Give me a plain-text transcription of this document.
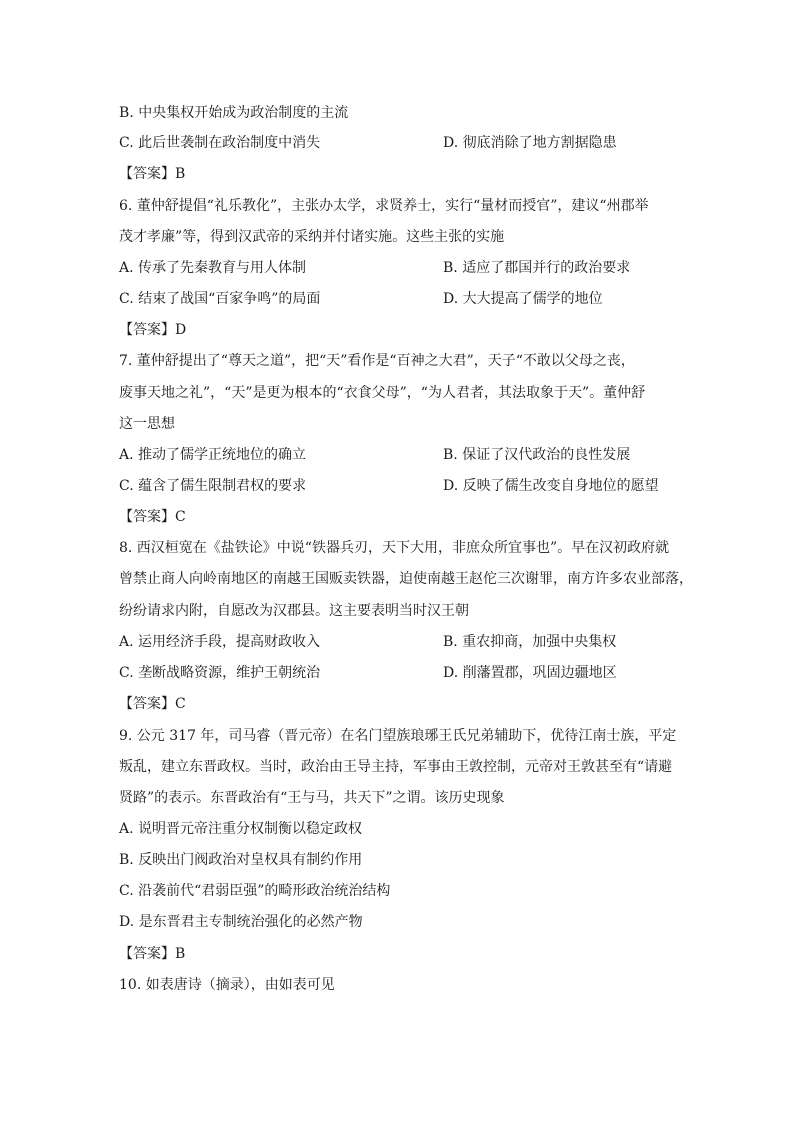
B. 中央集权开始成为政治制度的主流
C. 此后世袭制在政治制度中消失	D. 彻底消除了地方割据隐患
【答案】B
6. 董仲舒提倡“礼乐教化”，主张办太学，求贤养士，实行“量材而授官”，建议“州郡举
茂才孝廉”等，得到汉武帝的采纳并付诸实施。这些主张的实施
A. 传承了先秦教育与用人体制	B. 适应了郡国并行的政治要求
C. 结束了战国“百家争鸣”的局面	D. 大大提高了儒学的地位
【答案】D
7. 董仲舒提出了“尊天之道”，把“天”看作是“百神之大君”，天子“不敢以父母之丧，
废事天地之礼”，“天”是更为根本的“衣食父母”，“为人君者，其法取象于天”。董仲舒
这一思想
A. 推动了儒学正统地位的确立	B. 保证了汉代政治的良性发展
C. 蕴含了儒生限制君权的要求	D. 反映了儒生改变自身地位的愿望
【答案】C
8. 西汉桓宽在《盐铁论》中说“铁器兵刃，天下大用，非庶众所宜事也”。早在汉初政府就
曾禁止商人向岭南地区的南越王国贩卖铁器，迫使南越王赵佗三次谢罪，南方许多农业部落，
纷纷请求内附，自愿改为汉郡县。这主要表明当时汉王朝
A. 运用经济手段，提高财政收入	B. 重农抑商，加强中央集权
C. 垄断战略资源，维护王朝统治	D. 削藩置郡，巩固边疆地区
【答案】C
9. 公元 317 年，司马睿（晋元帝）在名门望族琅琊王氏兄弟辅助下，优待江南士族，平定
叛乱，建立东晋政权。当时，政治由王导主持，军事由王敦控制，元帝对王敦甚至有“请避
贤路”的表示。东晋政治有“王与马，共天下”之谓。该历史现象
A. 说明晋元帝注重分权制衡以稳定政权
B. 反映出门阀政治对皇权具有制约作用
C. 沿袭前代“君弱臣强”的畸形政治统治结构
D. 是东晋君主专制统治强化的必然产物
【答案】B
10. 如表唐诗（摘录），由如表可见
